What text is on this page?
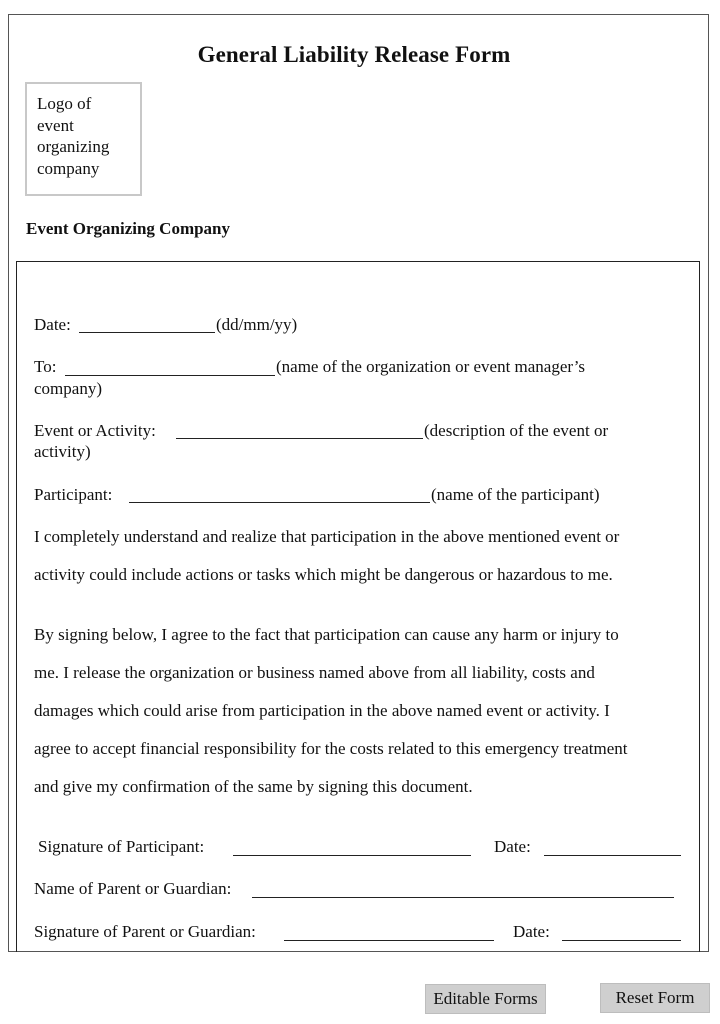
General Liability Release Form
Logo of event organizing company
Event Organizing Company
Date:	(dd/mm/yy)
To:	(name of the organization or event manager’s
company)
Event or Activity:	(description of the event or
activity)
Participant:	(name of the participant)
I completely understand and realize that participation in the above mentioned event or
activity could include actions or tasks which might be dangerous or hazardous to me.
By signing below, I agree to the fact that participation can cause any harm or injury to
me. I release the organization or business named above from all liability, costs and
damages which could arise from participation in the above named event or activity. I
agree to accept financial responsibility for the costs related to this emergency treatment
and give my confirmation of the same by signing this document.
Signature of Participant:	Date:
Name of Parent or Guardian:
Signature of Parent or Guardian:	Date:
Editable Forms	Reset Form
